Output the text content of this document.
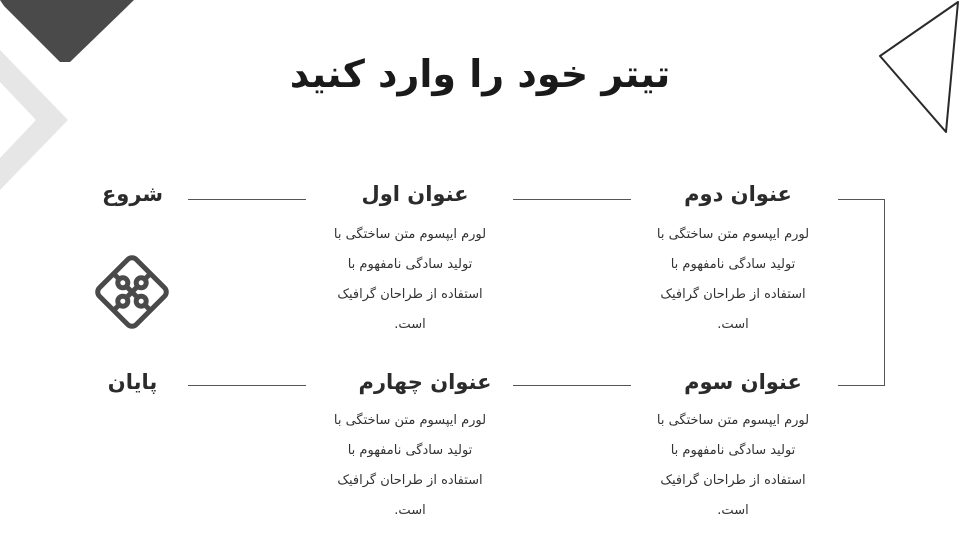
تیتر خود را وارد کنید
شروع	عنوان اول	عنوان دوم
لورم ایپسوم متن ساختگی با
تولید سادگی نامفهوم با
استفاده از طراحان گرافیک
است.
لورم ایپسوم متن ساختگی با
تولید سادگی نامفهوم با
استفاده از طراحان گرافیک
است.
پایان	عنوان چهارم	عنوان سوم
لورم ایپسوم متن ساختگی با
تولید سادگی نامفهوم با
استفاده از طراحان گرافیک
است.
لورم ایپسوم متن ساختگی با
تولید سادگی نامفهوم با
استفاده از طراحان گرافیک
است.
